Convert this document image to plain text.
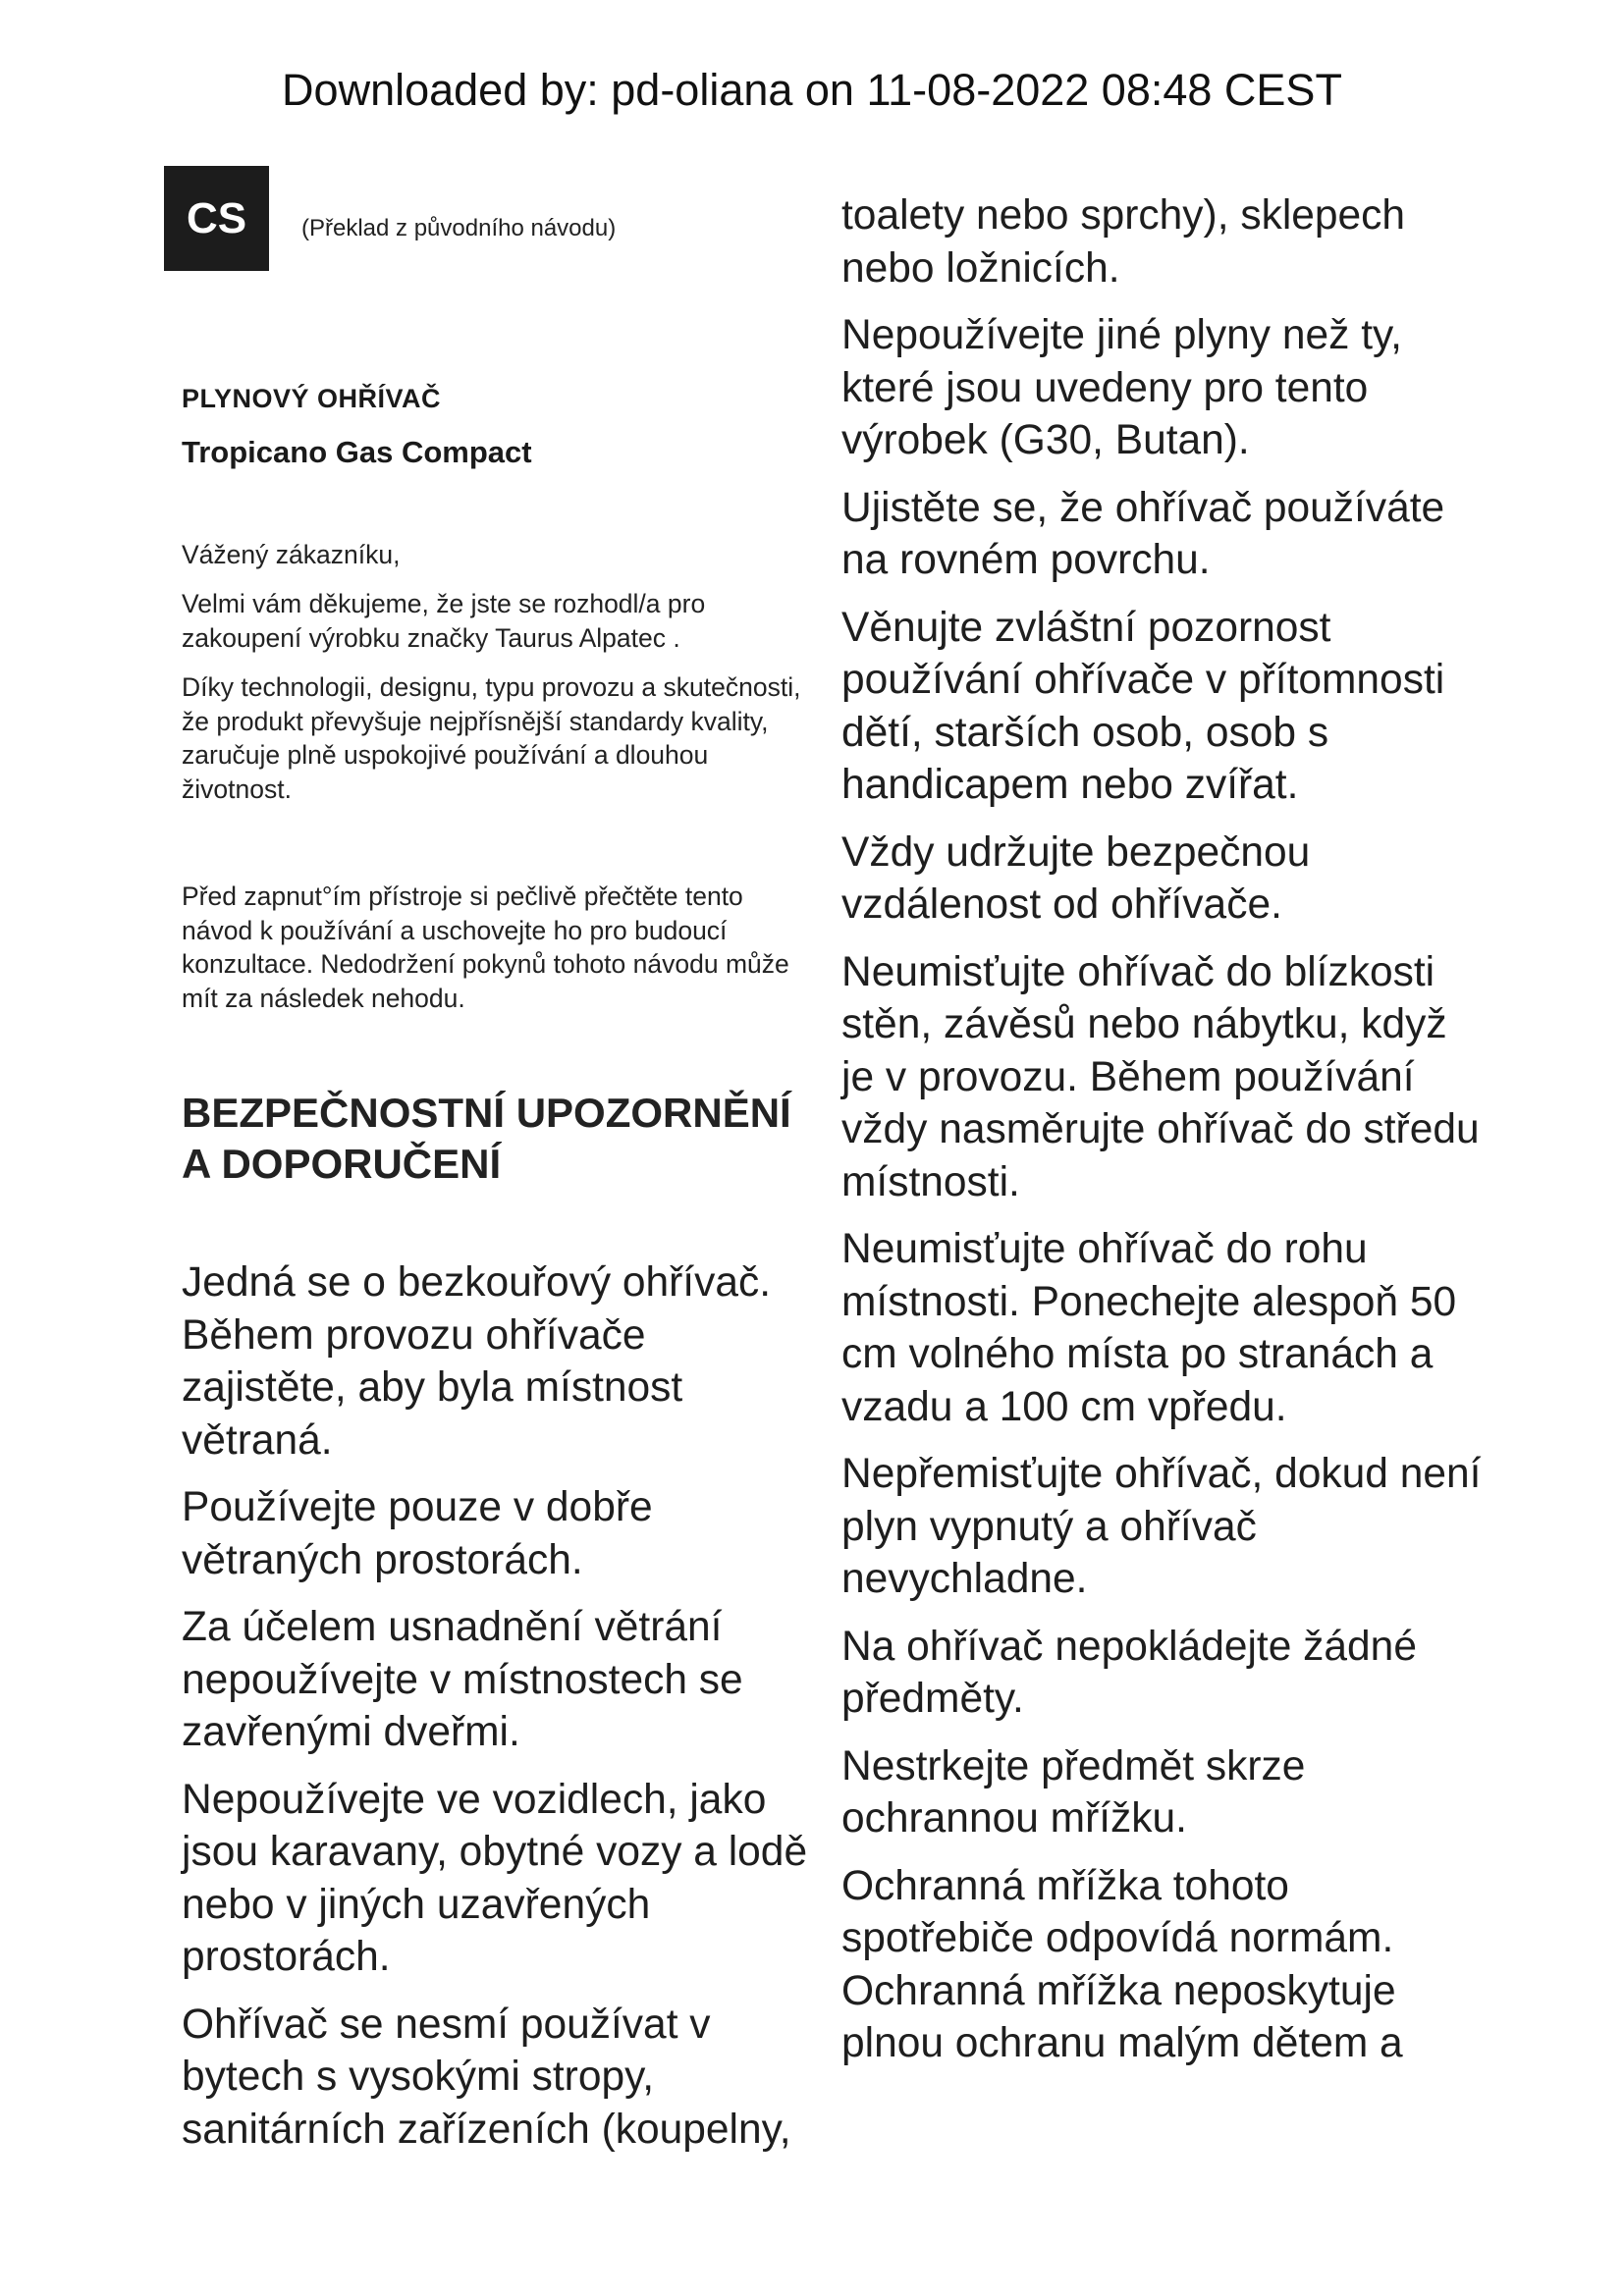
Downloaded by: pd-oliana on 11-08-2022 08:48 CEST
CS	(Překlad z původního návodu)
PLYNOVÝ OHŘÍVAČ
Tropicano Gas Compact

Vážený zákazníku,

Velmi vám děkujeme, že jste se rozhodl/a pro zakoupení výrobku značky Taurus Alpatec .

Díky technologii, designu, typu provozu a skutečnosti, že produkt převyšuje nejpřísnější standardy kvality, zaručuje plně uspokojivé používání a dlouhou životnost.

Před zapnut°ím přístroje si pečlivě přečtěte tento návod k používání a uschovejte ho pro budoucí konzultace. Nedodržení pokynů tohoto návodu může mít za následek nehodu.

BEZPEČNOSTNÍ UPOZORNĚNÍ A DOPORUČENÍ

Jedná se o bezkouřový ohřívač. Během provozu ohřívače zajistěte, aby byla místnost větraná.

Používejte pouze v dobře větraných prostorách.

Za účelem usnadnění větrání nepoužívejte v místnostech se zavřenými dveřmi.

Nepoužívejte ve vozidlech, jako jsou karavany, obytné vozy a lodě nebo v jiných uzavřených prostorách.

Ohřívač se nesmí používat v bytech s vysokými stropy, sanitárních zařízeních (koupelny,

toalety nebo sprchy), sklepech nebo ložnicích.

Nepoužívejte jiné plyny než ty, které jsou uvedeny pro tento výrobek (G30, Butan).

Ujistěte se, že ohřívač používáte na rovném povrchu.

Věnujte zvláštní pozornost používání ohřívače v přítomnosti dětí, starších osob, osob s handicapem nebo zvířat.

Vždy udržujte bezpečnou vzdálenost od ohřívače.

Neumisťujte ohřívač do blízkosti stěn, závěsů nebo nábytku, když je v provozu. Během používání vždy nasměrujte ohřívač do středu místnosti.

Neumisťujte ohřívač do rohu místnosti. Ponechejte alespoň 50 cm volného místa po stranách a vzadu a 100 cm vpředu.

Nepřemisťujte ohřívač, dokud není plyn vypnutý a ohřívač nevychladne.

Na ohřívač nepokládejte žádné předměty.

Nestrkejte předmět skrze ochrannou mřížku.

Ochranná mřížka tohoto spotřebiče odpovídá normám. Ochranná mřížka neposkytuje plnou ochranu malým dětem a
